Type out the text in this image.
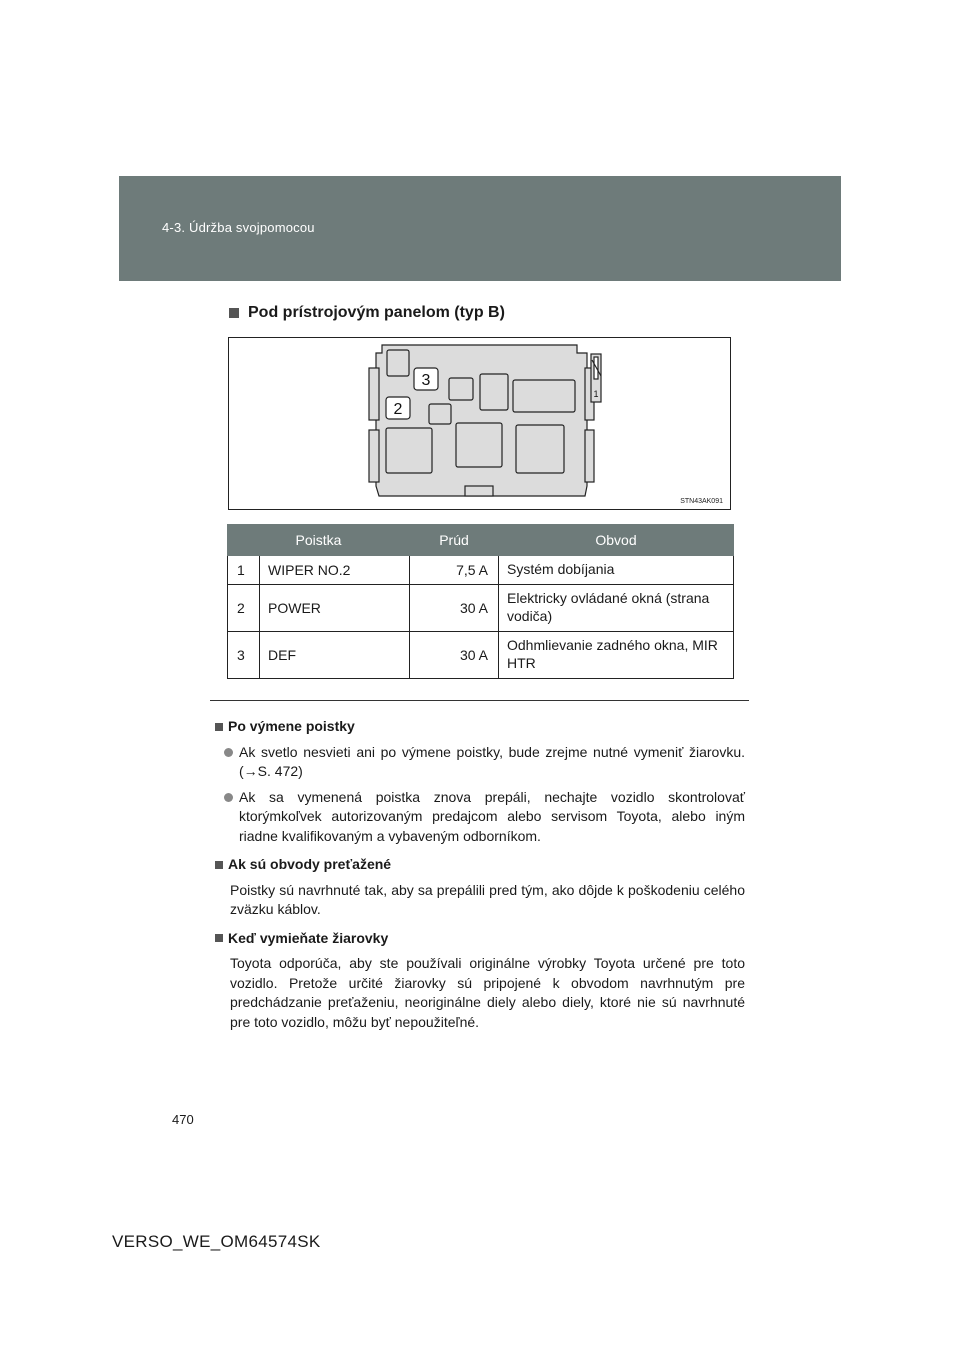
4-3. Údržba svojpomocou
Pod prístrojovým panelom (typ B)
3
2
1
STN43AK091
Poistka		Prúd	Obvod
1	WIPER NO.2	7,5 A	Systém dobíjania
2	POWER	30 A	Elektricky ovládané okná (strana vodiča)
3	DEF	30 A	Odhmlievanie zadného okna, MIR HTR
Po výmene poistky
Ak svetlo nesvieti ani po výmene poistky, bude zrejme nutné vymeniť žiarovku. (→S. 472)
Ak sa vymenená poistka znova prepáli, nechajte vozidlo skontrolovať ktorýmkoľvek autorizovaným predajcom alebo servisom Toyota, alebo iným riadne kvalifikovaným a vybaveným odborníkom.
Ak sú obvody preťažené
Poistky sú navrhnuté tak, aby sa prepálili pred tým, ako dôjde k poškodeniu celého zväzku káblov.
Keď vymieňate žiarovky
Toyota odporúča, aby ste používali originálne výrobky Toyota určené pre toto vozidlo. Pretože určité žiarovky sú pripojené k obvodom navrhnutým pre predchádzanie preťaženiu, neoriginálne diely alebo diely, ktoré nie sú navrhnuté pre toto vozidlo, môžu byť nepoužiteľné.
470
VERSO_WE_OM64574SK
